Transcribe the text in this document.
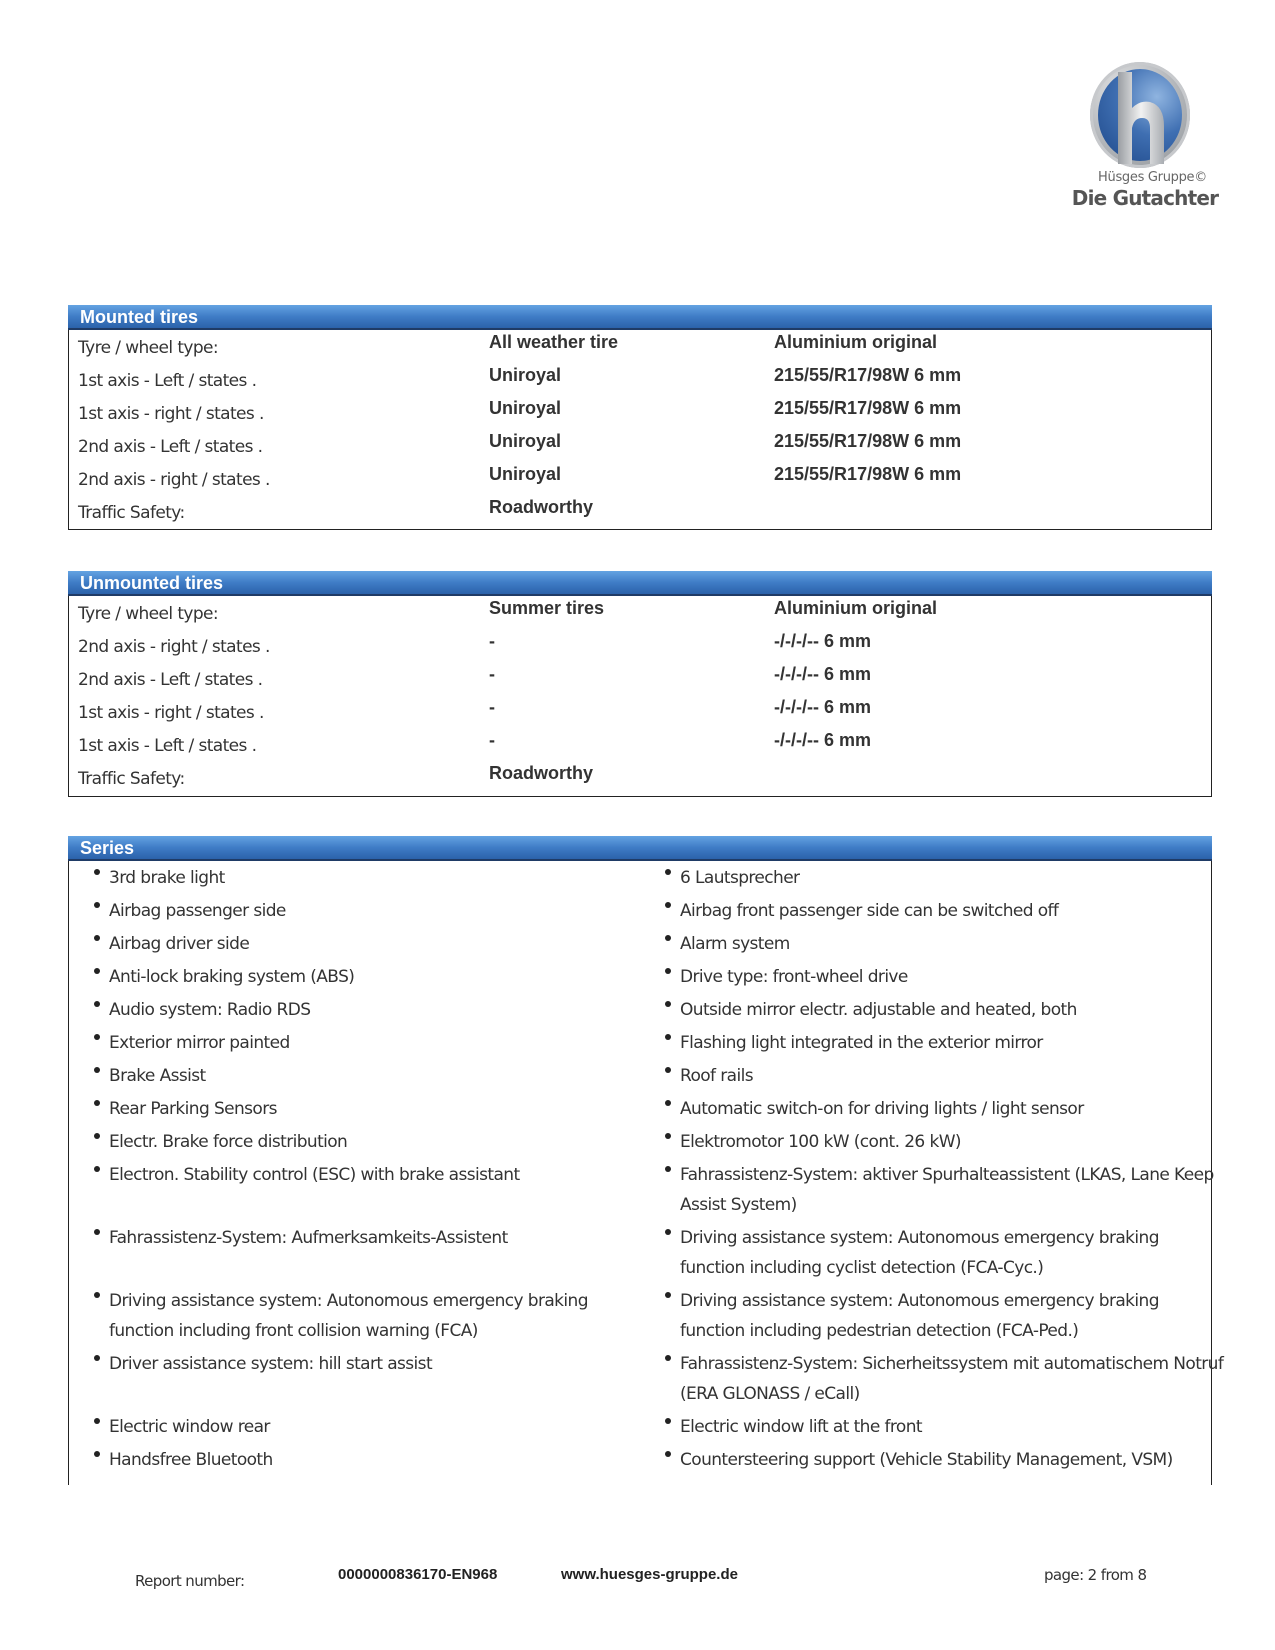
Hüsges Gruppe©
Die Gutachter
Mounted tires
Tyre / wheel type:	All weather tire	Aluminium original
1st axis - Left / states .	Uniroyal	215/55/R17/98W 6 mm
1st axis - right / states .	Uniroyal	215/55/R17/98W 6 mm
2nd axis - Left / states .	Uniroyal	215/55/R17/98W 6 mm
2nd axis - right / states .	Uniroyal	215/55/R17/98W 6 mm
Traffic Safety:	Roadworthy
Unmounted tires
Tyre / wheel type:	Summer tires	Aluminium original
2nd axis - right / states .	-	-/-/-/-- 6 mm
2nd axis - Left / states .	-	-/-/-/-- 6 mm
1st axis - right / states .	-	-/-/-/-- 6 mm
1st axis - Left / states .	-	-/-/-/-- 6 mm
Traffic Safety:	Roadworthy
Series
3rd brake light
Airbag passenger side
Airbag driver side
Anti-lock braking system (ABS)
Audio system: Radio RDS
Exterior mirror painted
Brake Assist
Rear Parking Sensors
Electr. Brake force distribution
Electron. Stability control (ESC) with brake assistant
Fahrassistenz-System: Aufmerksamkeits-Assistent
Driving assistance system: Autonomous emergency braking function including front collision warning (FCA)
Driver assistance system: hill start assist
Electric window rear
Handsfree Bluetooth
6 Lautsprecher
Airbag front passenger side can be switched off
Alarm system
Drive type: front-wheel drive
Outside mirror electr. adjustable and heated, both
Flashing light integrated in the exterior mirror
Roof rails
Automatic switch-on for driving lights / light sensor
Elektromotor 100 kW (cont. 26 kW)
Fahrassistenz-System: aktiver Spurhalteassistent (LKAS, Lane Keep Assist System)
Driving assistance system: Autonomous emergency braking function including cyclist detection (FCA-Cyc.)
Driving assistance system: Autonomous emergency braking function including pedestrian detection (FCA-Ped.)
Fahrassistenz-System: Sicherheitssystem mit automatischem Notruf (ERA GLONASS / eCall)
Electric window lift at the front
Countersteering support (Vehicle Stability Management, VSM)
Report number:	0000000836170-EN968	www.huesges-gruppe.de	page: 2 from 8
